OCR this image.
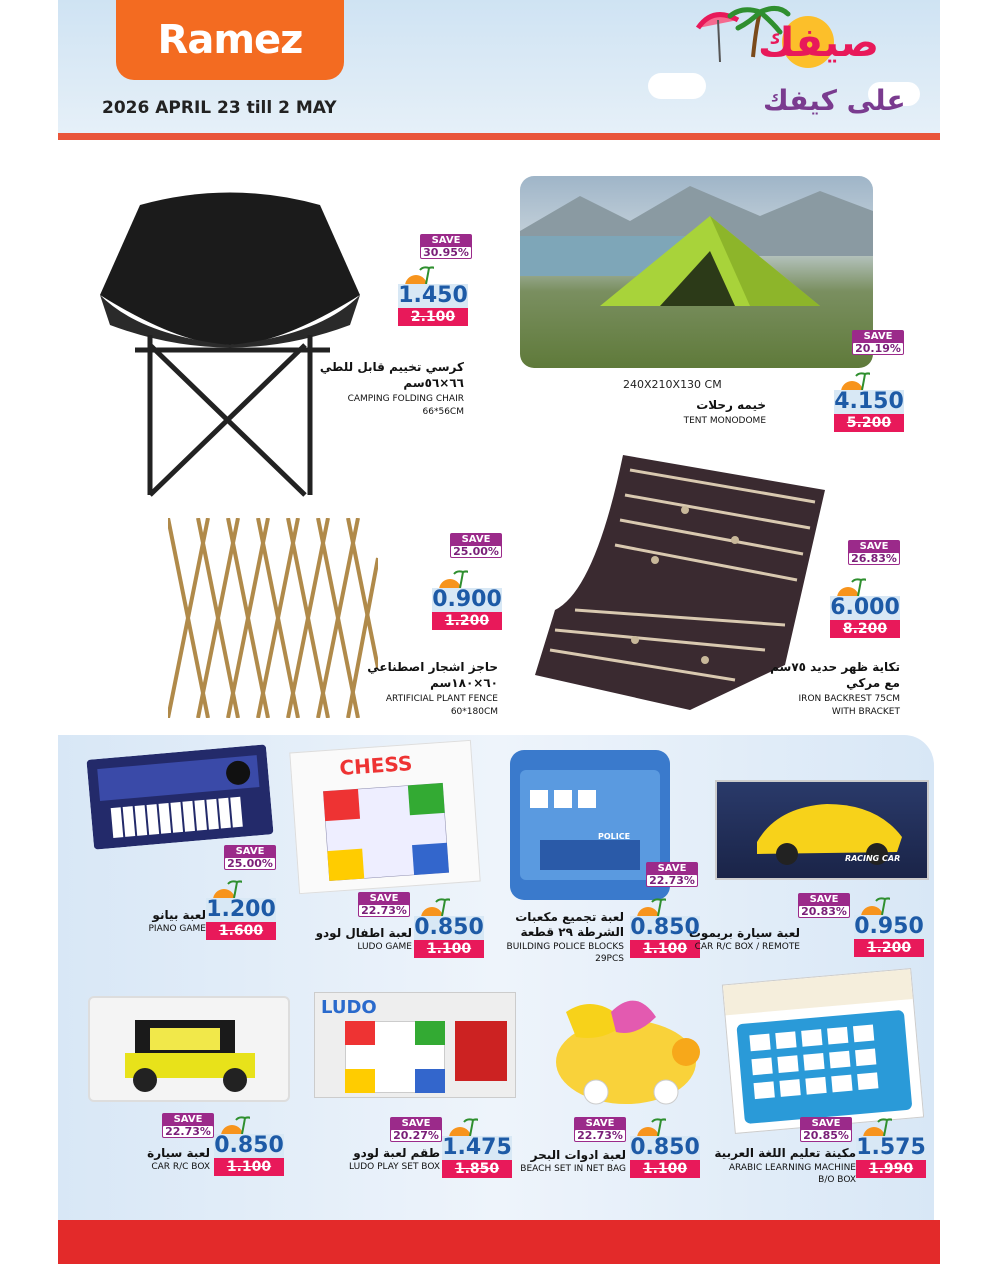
Ramez
2026 APRIL 23 till 2 MAY
صيفك
على كيفك
SAVE
30.95%
1.450
2.100
كرسي تخييم قابل للطي
٦٦×٥٦سم
CAMPING FOLDING CHAIR
66*56CM
240X210X130 CM
SAVE
20.19%
4.150
5.200
خيمه رحلات
TENT MONODOME
SAVE
25.00%
0.900
1.200
حاجز اشجار اصطناعي
٦٠×١٨٠سم
ARTIFICIAL PLANT FENCE
60*180CM
SAVE
26.83%
6.000
8.200
تكاية ظهر حديد ٧٥سم
مع مركي
IRON BACKREST 75CM
WITH BRACKET
SAVE
25.00%
1.200
1.600
لعبة بيانو
PIANO GAME
CHESS
SAVE
22.73%
0.850
1.100
لعبة اطفال لودو
LUDO GAME
POLICE
SAVE
22.73%
0.850
1.100
لعبة تجميع مكعبات
الشرطة ٢٩ قطعة
BUILDING POLICE BLOCKS
29PCS
RACING CAR
SAVE
20.83%
0.950
1.200
لعبة سيارة بريموت
CAR R/C BOX / REMOTE
SAVE
22.73%
0.850
1.100
لعبة سيارة
CAR R/C BOX
LUDO
SAVE
20.27% 1.475
1.850
طقم لعبة لودو
LUDO PLAY SET BOX
SAVE
22.73% 0.850
1.100
لعبة ادوات البحر
BEACH SET IN NET BAG
SAVE
20.85% 1.575
1.990
مكينة تعليم اللغة العربية
ARABIC LEARNING MACHINE
B/O BOX
